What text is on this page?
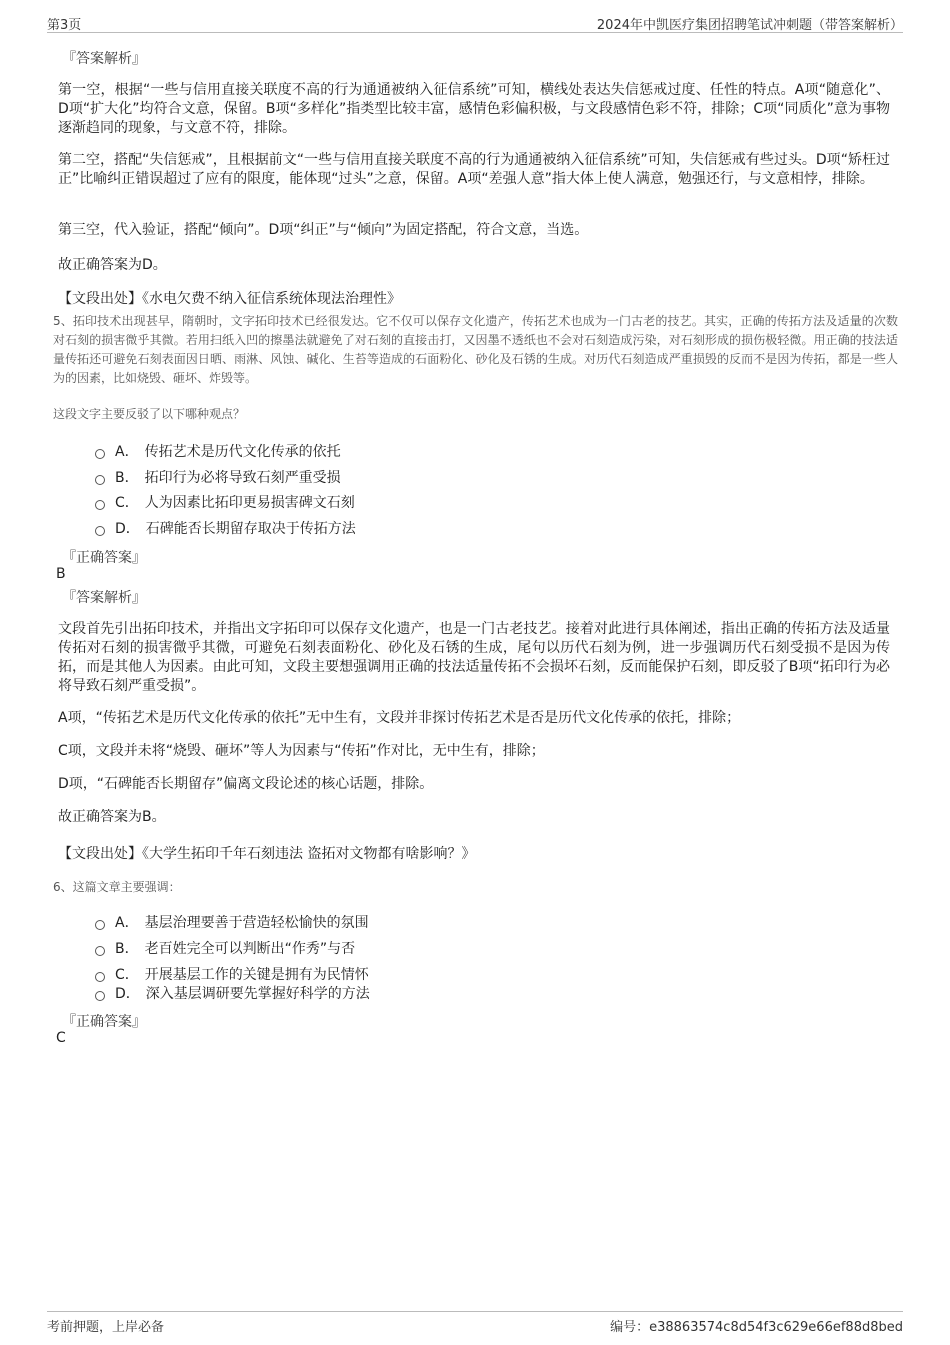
第3页	2024年中凯医疗集团招聘笔试冲刺题（带答案解析）
『答案解析』
第一空，根据“一些与信用直接关联度不高的行为通通被纳入征信系统”可知，横线处表达失信惩戒过度、任性的特点。A项“随意化”、D项“扩大化”均符合文意，保留。B项“多样化”指类型比较丰富，感情色彩偏积极，与文段感情色彩不符，排除；C项“同质化”意为事物逐渐趋同的现象，与文意不符，排除。
第二空，搭配“失信惩戒”，且根据前文“一些与信用直接关联度不高的行为通通被纳入征信系统”可知，失信惩戒有些过头。D项“矫枉过正”比喻纠正错误超过了应有的限度，能体现“过头”之意，保留。A项“差强人意”指大体上使人满意，勉强还行，与文意相悖，排除。
第三空，代入验证，搭配“倾向”。D项“纠正”与“倾向”为固定搭配，符合文意，当选。
故正确答案为D。
【文段出处】《水电欠费不纳入征信系统体现法治理性》
5、拓印技术出现甚早，隋朝时，文字拓印技术已经很发达。它不仅可以保存文化遗产，传拓艺术也成为一门古老的技艺。其实，正确的传拓方法及适量的次数对石刻的损害微乎其微。若用扫纸入凹的擦墨法就避免了对石刻的直接击打，又因墨不透纸也不会对石刻造成污染，对石刻形成的损伤极轻微。用正确的技法适量传拓还可避免石刻表面因日晒、雨淋、风蚀、碱化、生苔等造成的石面粉化、砂化及石锈的生成。对历代石刻造成严重损毁的反而不是因为传拓，都是一些人为的因素，比如烧毁、砸坏、炸毁等。
这段文字主要反驳了以下哪种观点？
A． 传拓艺术是历代文化传承的依托
B． 拓印行为必将导致石刻严重受损
C． 人为因素比拓印更易损害碑文石刻
D． 石碑能否长期留存取决于传拓方法
『正确答案』
B
『答案解析』
文段首先引出拓印技术，并指出文字拓印可以保存文化遗产，也是一门古老技艺。接着对此进行具体阐述，指出正确的传拓方法及适量传拓对石刻的损害微乎其微，可避免石刻表面粉化、砂化及石锈的生成，尾句以历代石刻为例，进一步强调历代石刻受损不是因为传拓，而是其他人为因素。由此可知，文段主要想强调用正确的技法适量传拓不会损坏石刻，反而能保护石刻，即反驳了B项“拓印行为必将导致石刻严重受损”。
A项，“传拓艺术是历代文化传承的依托”无中生有，文段并非探讨传拓艺术是否是历代文化传承的依托，排除；
C项，文段并未将“烧毁、砸坏”等人为因素与“传拓”作对比，无中生有，排除；
D项，“石碑能否长期留存”偏离文段论述的核心话题，排除。
故正确答案为B。
【文段出处】《大学生拓印千年石刻违法 盗拓对文物都有啥影响？》
6、这篇文章主要强调：
A． 基层治理要善于营造轻松愉快的氛围
B． 老百姓完全可以判断出“作秀”与否
C． 开展基层工作的关键是拥有为民情怀
D． 深入基层调研要先掌握好科学的方法
『正确答案』
C
考前押题，上岸必备	编号：e38863574c8d54f3c629e66ef88d8bed
